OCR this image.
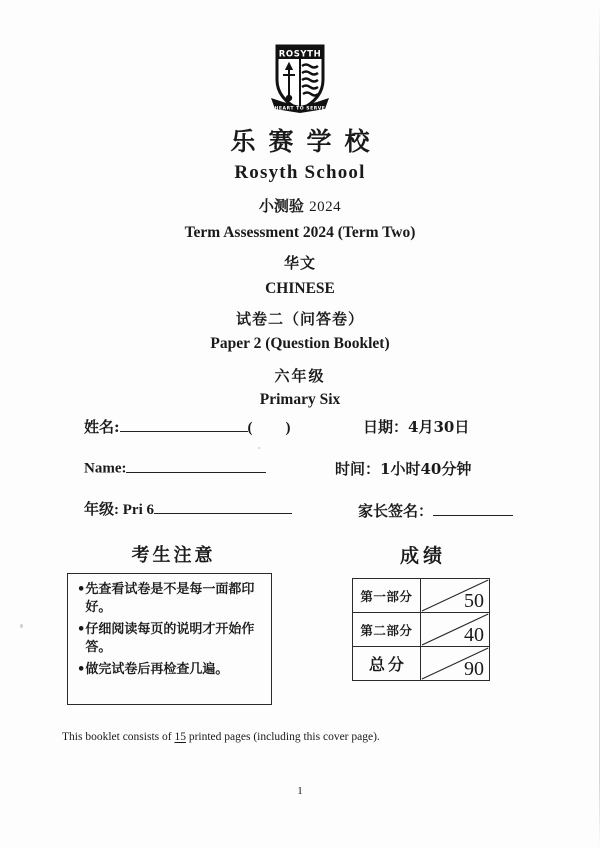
ROSYTH
HEART TO SERVE
乐赛学校
Rosyth School
小测验 2024
Term Assessment 2024 (Term Two)
华文
CHINESE
试卷二（问答卷）
Paper 2 (Question Booklet)
六年级
Primary Six
姓名:	(　)
Name:
年级: Pri 6
日期：4月30日
时间：1小时40分钟
家长签名：
考生注意
• 先查看试卷是不是每一面都印好。
• 仔细阅读每页的说明才开始作答。
• 做完试卷后再检查几遍。
成绩
第一部分	50

第二部分	40

总分	90
This booklet consists of 15 printed pages (including this cover page).
1
